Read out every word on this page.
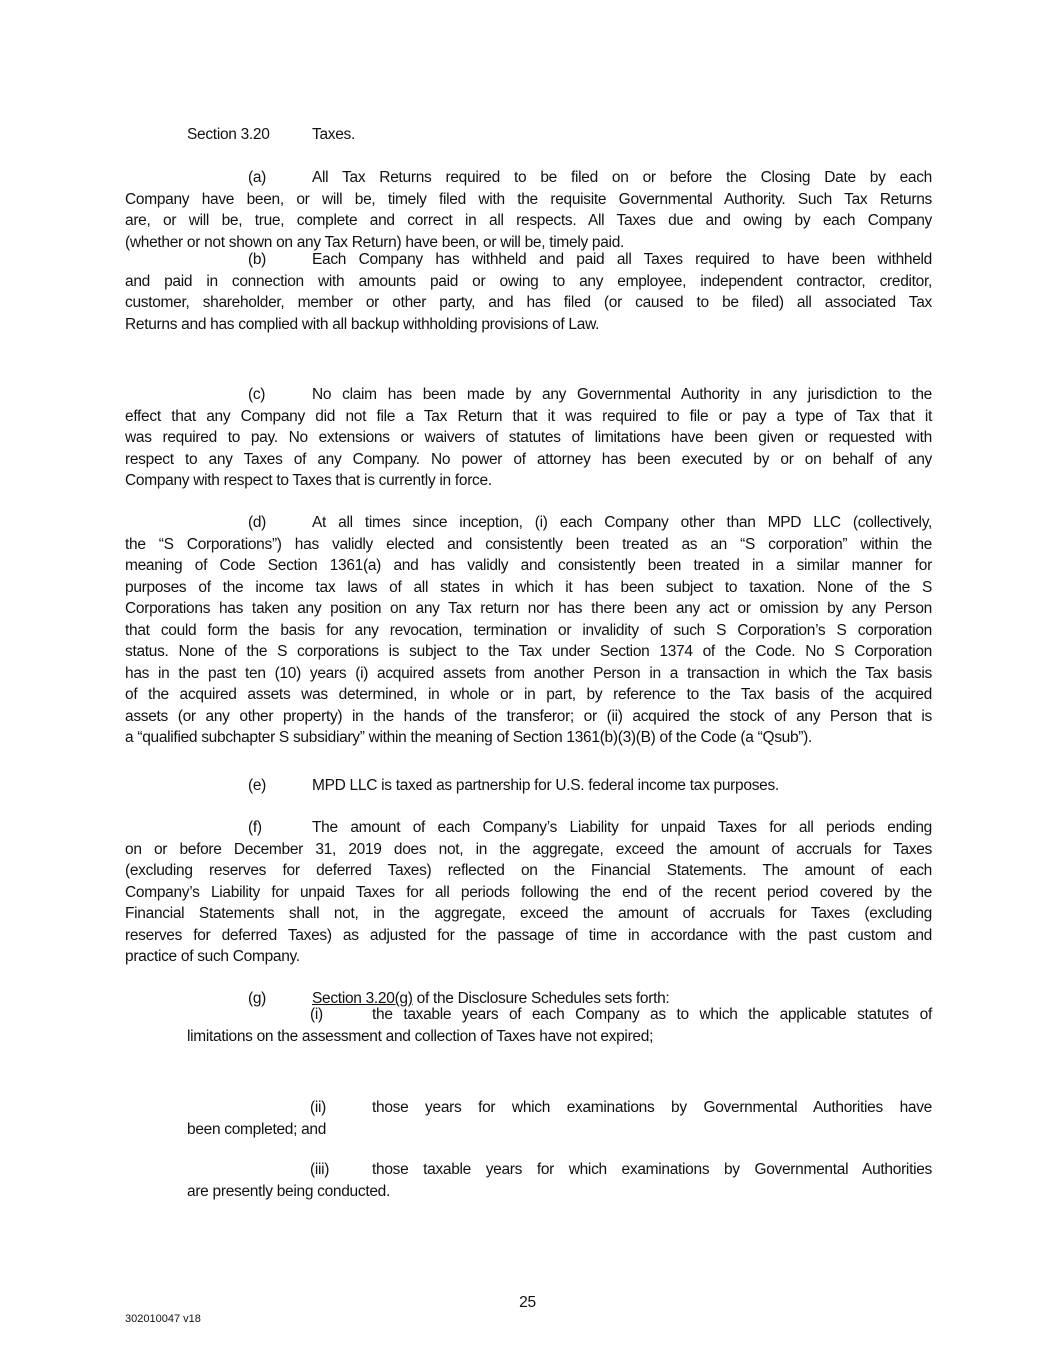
Section 3.20	Taxes.
(a)	All Tax Returns required to be filed on or before the Closing Date by each
Company have been, or will be, timely filed with the requisite Governmental Authority. Such Tax Returns
are, or will be, true, complete and correct in all respects. All Taxes due and owing by each Company
(whether or not shown on any Tax Return) have been, or will be, timely paid.
(b)	Each Company has withheld and paid all Taxes required to have been withheld
and paid in connection with amounts paid or owing to any employee, independent contractor, creditor,
customer, shareholder, member or other party, and has filed (or caused to be filed) all associated Tax
Returns and has complied with all backup withholding provisions of Law.
(c)	No claim has been made by any Governmental Authority in any jurisdiction to the
effect that any Company did not file a Tax Return that it was required to file or pay a type of Tax that it
was required to pay. No extensions or waivers of statutes of limitations have been given or requested with
respect to any Taxes of any Company. No power of attorney has been executed by or on behalf of any
Company with respect to Taxes that is currently in force.
(d)	At all times since inception, (i) each Company other than MPD LLC (collectively,
the “S Corporations”) has validly elected and consistently been treated as an “S corporation” within the
meaning of Code Section 1361(a) and has validly and consistently been treated in a similar manner for
purposes of the income tax laws of all states in which it has been subject to taxation. None of the S
Corporations has taken any position on any Tax return nor has there been any act or omission by any Person
that could form the basis for any revocation, termination or invalidity of such S Corporation’s S corporation
status. None of the S corporations is subject to the Tax under Section 1374 of the Code. No S Corporation
has in the past ten (10) years (i) acquired assets from another Person in a transaction in which the Tax basis
of the acquired assets was determined, in whole or in part, by reference to the Tax basis of the acquired
assets (or any other property) in the hands of the transferor; or (ii) acquired the stock of any Person that is
a “qualified subchapter S subsidiary” within the meaning of Section 1361(b)(3)(B) of the Code (a “Qsub”).
(e)	MPD LLC is taxed as partnership for U.S. federal income tax purposes.
(f)	The amount of each Company’s Liability for unpaid Taxes for all periods ending
on or before December 31, 2019 does not, in the aggregate, exceed the amount of accruals for Taxes
(excluding reserves for deferred Taxes) reflected on the Financial Statements. The amount of each
Company’s Liability for unpaid Taxes for all periods following the end of the recent period covered by the
Financial Statements shall not, in the aggregate, exceed the amount of accruals for Taxes (excluding
reserves for deferred Taxes) as adjusted for the passage of time in accordance with the past custom and
practice of such Company.
(g)	Section 3.20(g) of the Disclosure Schedules sets forth:
(i)	the taxable years of each Company as to which the applicable statutes of
limitations on the assessment and collection of Taxes have not expired;
(ii)	those years for which examinations by Governmental Authorities have
been completed; and
(iii)	those taxable years for which examinations by Governmental Authorities
are presently being conducted.
25
302010047 v18
